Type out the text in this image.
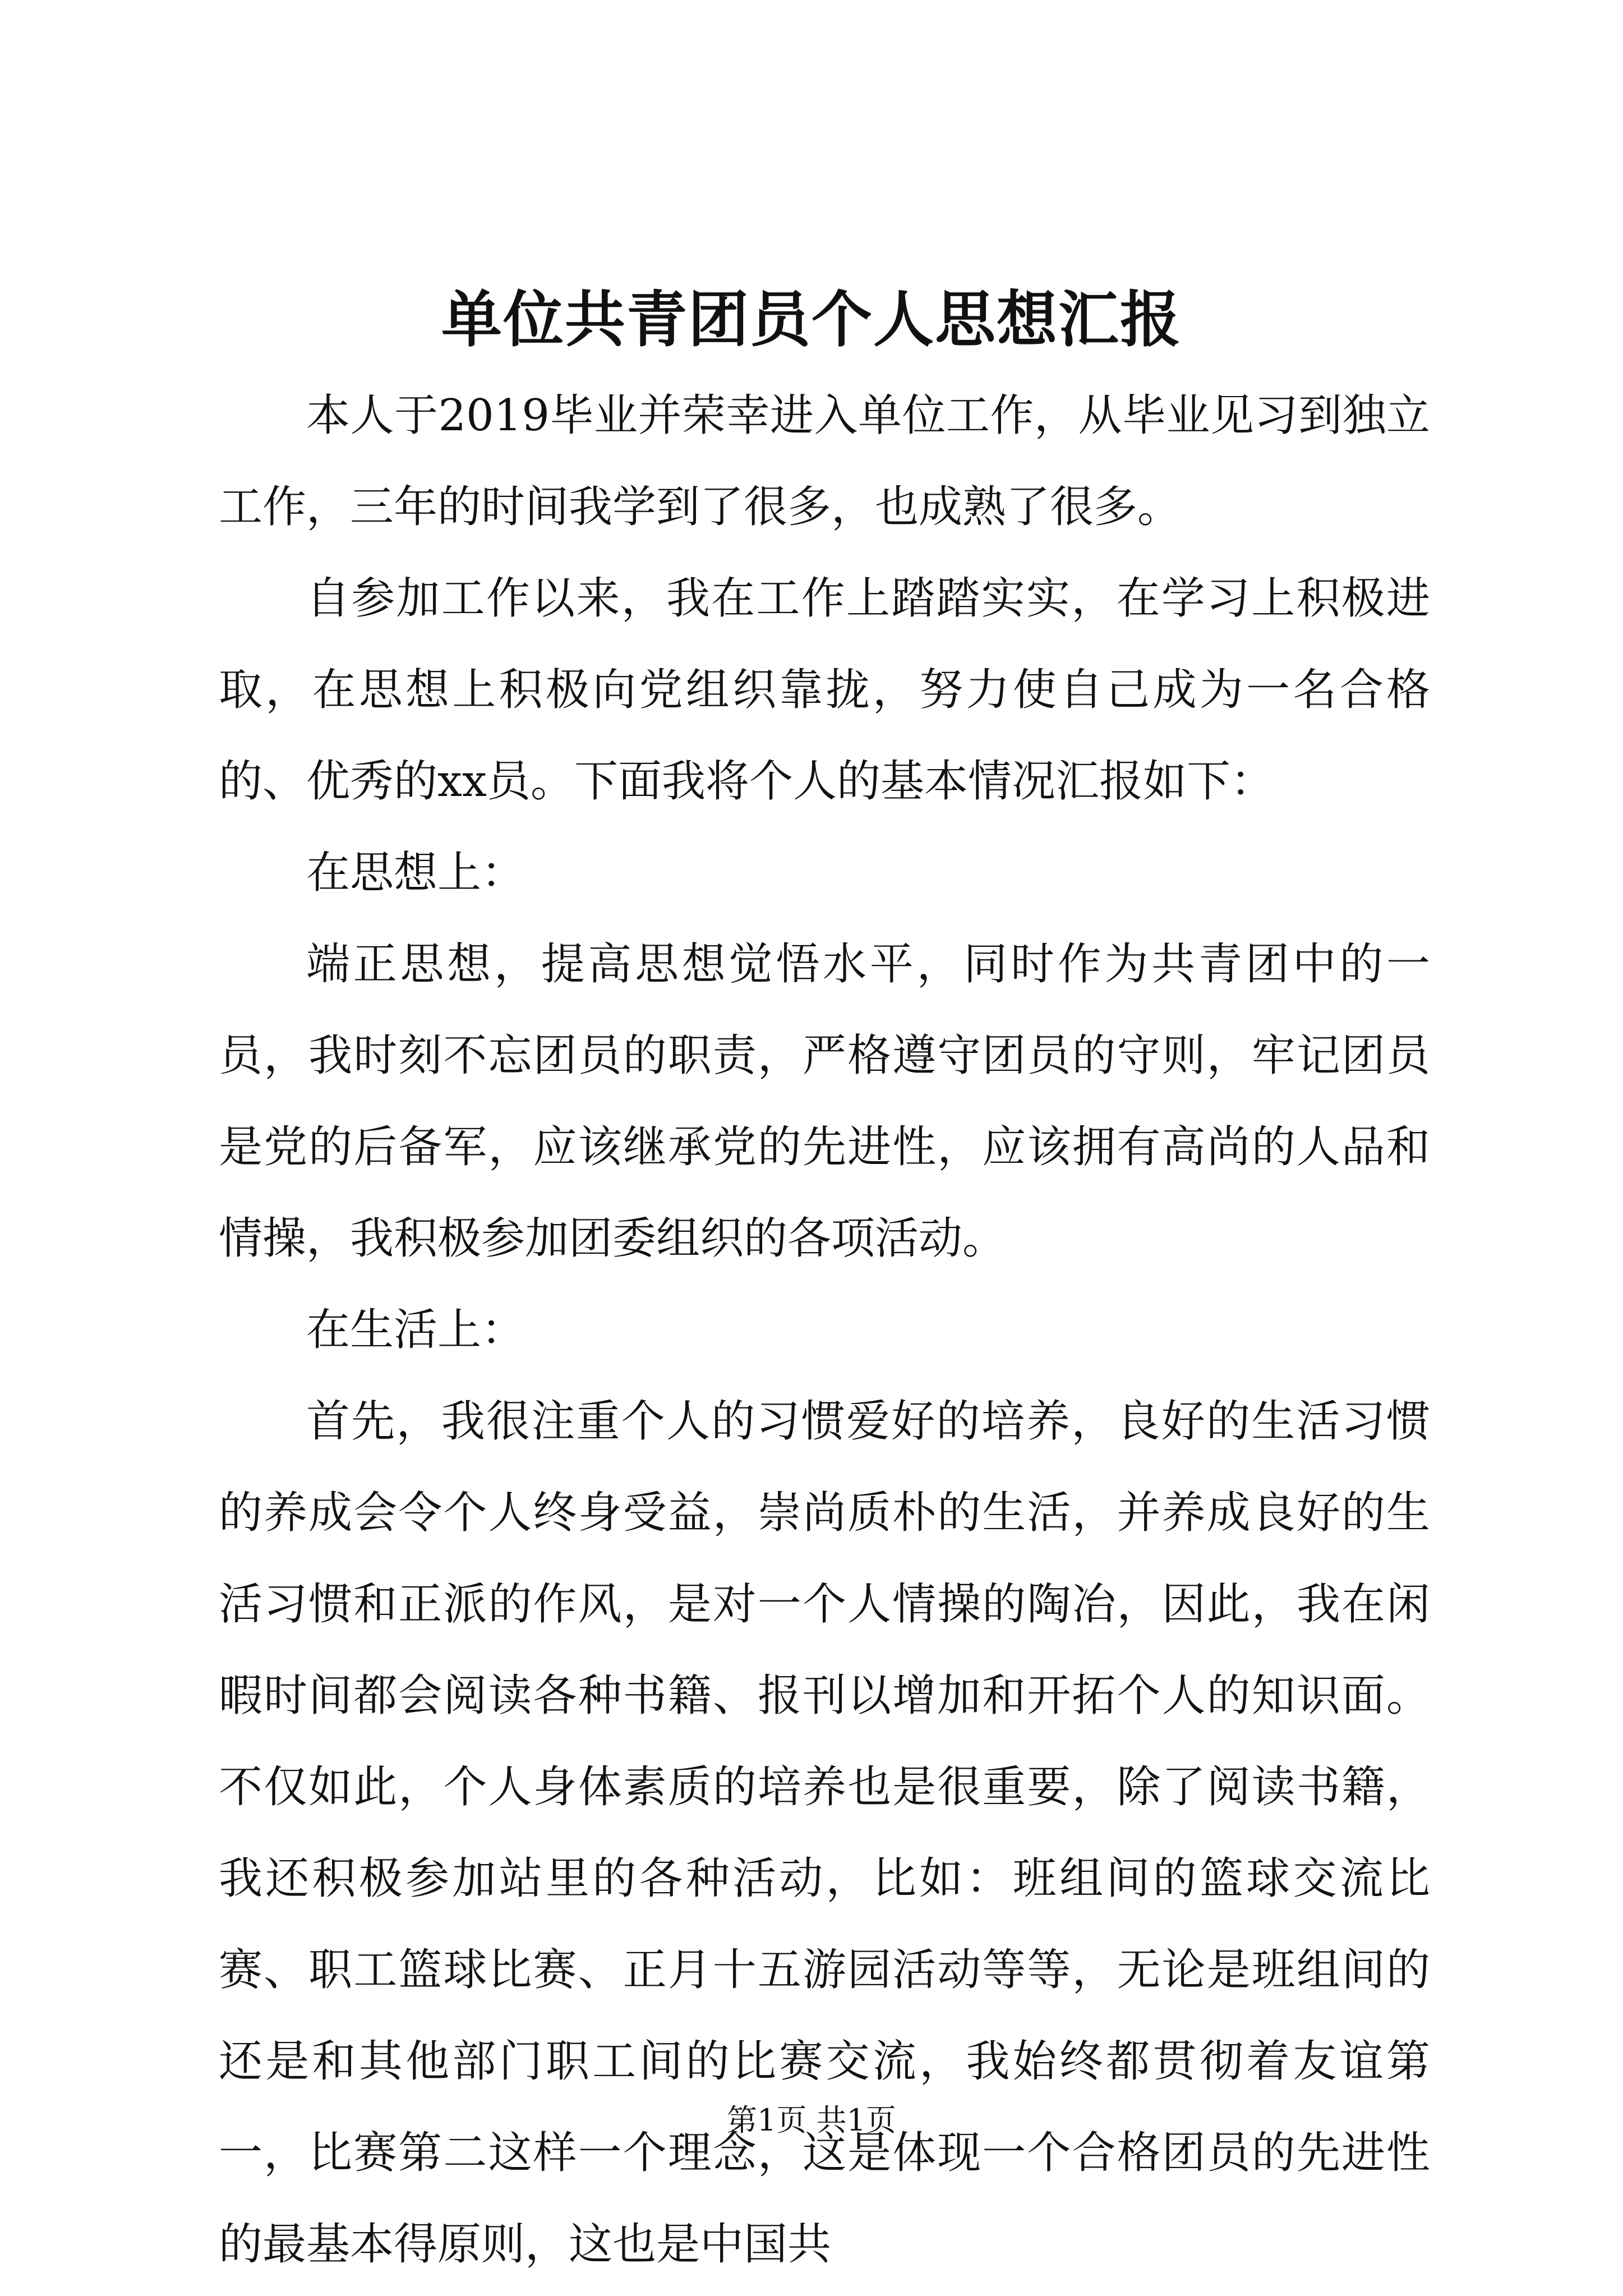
单位共青团员个人思想汇报

本人于2019毕业并荣幸进入单位工作，从毕业见习到独立工作，三年的时间我学到了很多，也成熟了很多。

自参加工作以来，我在工作上踏踏实实，在学习上积极进取，在思想上积极向党组织靠拢，努力使自己成为一名合格的、优秀的xx员。下面我将个人的基本情况汇报如下：

在思想上：

端正思想，提高思想觉悟水平，同时作为共青团中的一员，我时刻不忘团员的职责，严格遵守团员的守则，牢记团员是党的后备军，应该继承党的先进性，应该拥有高尚的人品和情操，我积极参加团委组织的各项活动。

在生活上：

首先，我很注重个人的习惯爱好的培养，良好的生活习惯的养成会令个人终身受益，崇尚质朴的生活，并养成良好的生活习惯和正派的作风，是对一个人情操的陶冶，因此，我在闲暇时间都会阅读各种书籍、报刊以增加和开拓个人的知识面。不仅如此，个人身体素质的培养也是很重要，除了阅读书籍，我还积极参加站里的各种活动，比如：班组间的篮球交流比赛、职工篮球比赛、正月十五游园活动等等，无论是班组间的还是和其他部门职工间的比赛交流，我始终都贯彻着友谊第一，比赛第二这样一个理念，这是体现一个合格团员的先进性的最基本得原则，这也是中国共

第1页 共1页
